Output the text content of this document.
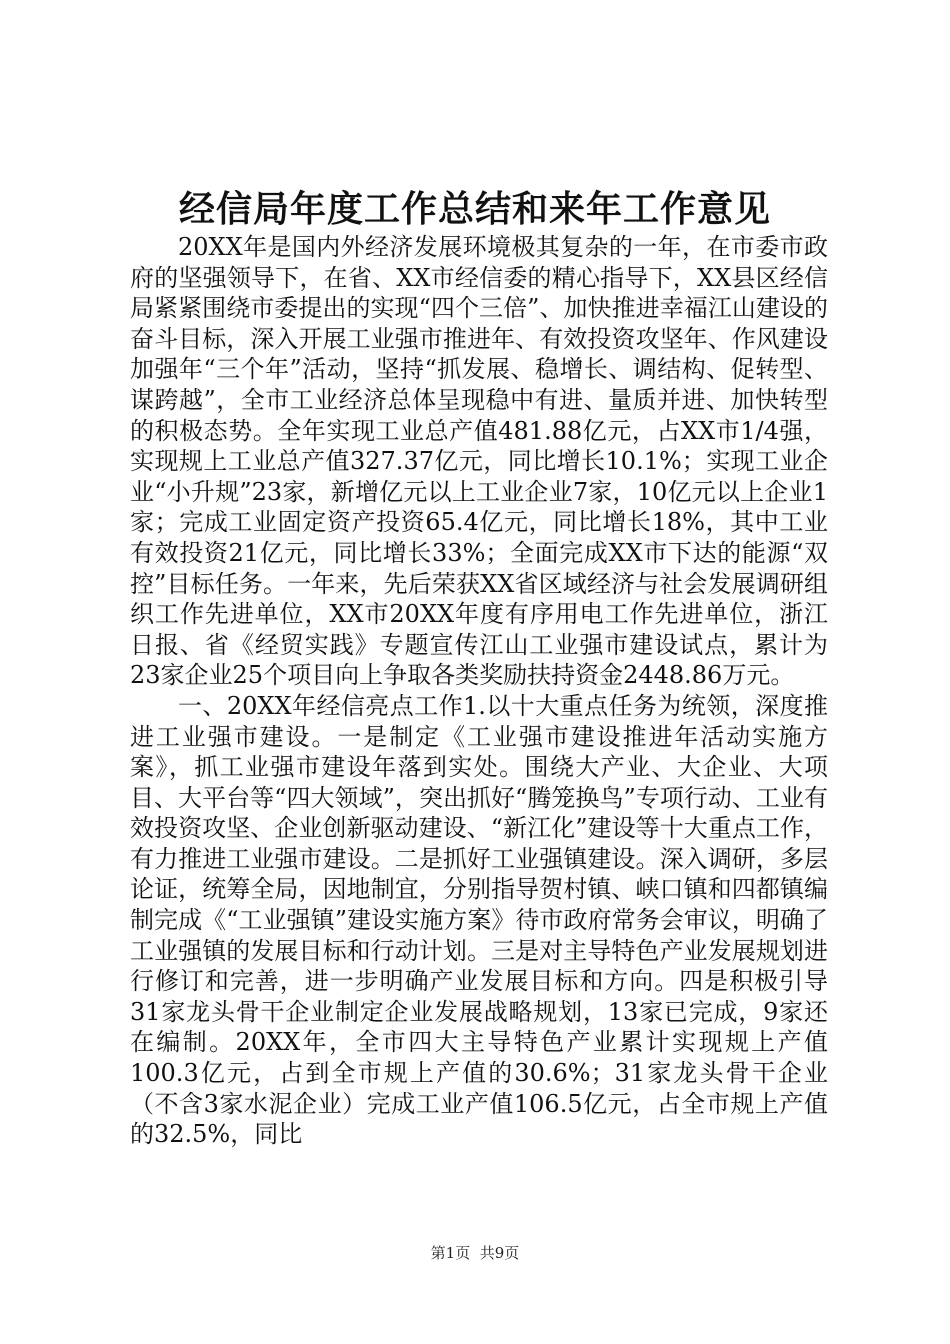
经信局年度工作总结和来年工作意见

20XX年是国内外经济发展环境极其复杂的一年，在市委市政府的坚强领导下，在省、XX市经信委的精心指导下，XX县区经信局紧紧围绕市委提出的实现“四个三倍”、加快推进幸福江山建设的奋斗目标，深入开展工业强市推进年、有效投资攻坚年、作风建设加强年“三个年”活动，坚持“抓发展、稳增长、调结构、促转型、谋跨越”，全市工业经济总体呈现稳中有进、量质并进、加快转型的积极态势。全年实现工业总产值481.88亿元，占XX市1/4强，实现规上工业总产值327.37亿元，同比增长10.1%；实现工业企业“小升规”23家，新增亿元以上工业企业7家，10亿元以上企业1家；完成工业固定资产投资65.4亿元，同比增长18%，其中工业有效投资21亿元，同比增长33%；全面完成XX市下达的能源“双控”目标任务。一年来，先后荣获XX省区域经济与社会发展调研组织工作先进单位，XX市20XX年度有序用电工作先进单位，浙江日报、省《经贸实践》专题宣传江山工业强市建设试点，累计为23家企业25个项目向上争取各类奖励扶持资金2448.86万元。

一、20XX年经信亮点工作1.以十大重点任务为统领，深度推进工业强市建设。一是制定《工业强市建设推进年活动实施方案》，抓工业强市建设年落到实处。围绕大产业、大企业、大项目、大平台等“四大领域”，突出抓好“腾笼换鸟”专项行动、工业有效投资攻坚、企业创新驱动建设、“新江化”建设等十大重点工作，有力推进工业强市建设。二是抓好工业强镇建设。深入调研，多层论证，统筹全局，因地制宜，分别指导贺村镇、峡口镇和四都镇编制完成《“工业强镇”建设实施方案》待市政府常务会审议，明确了工业强镇的发展目标和行动计划。三是对主导特色产业发展规划进行修订和完善，进一步明确产业发展目标和方向。四是积极引导31家龙头骨干企业制定企业发展战略规划，13家已完成，9家还在编制。20XX年，全市四大主导特色产业累计实现规上产值100.3亿元，占到全市规上产值的30.6%；31家龙头骨干企业（不含3家水泥企业）完成工业产值106.5亿元，占全市规上产值的32.5%，同比

第1页 共9页
